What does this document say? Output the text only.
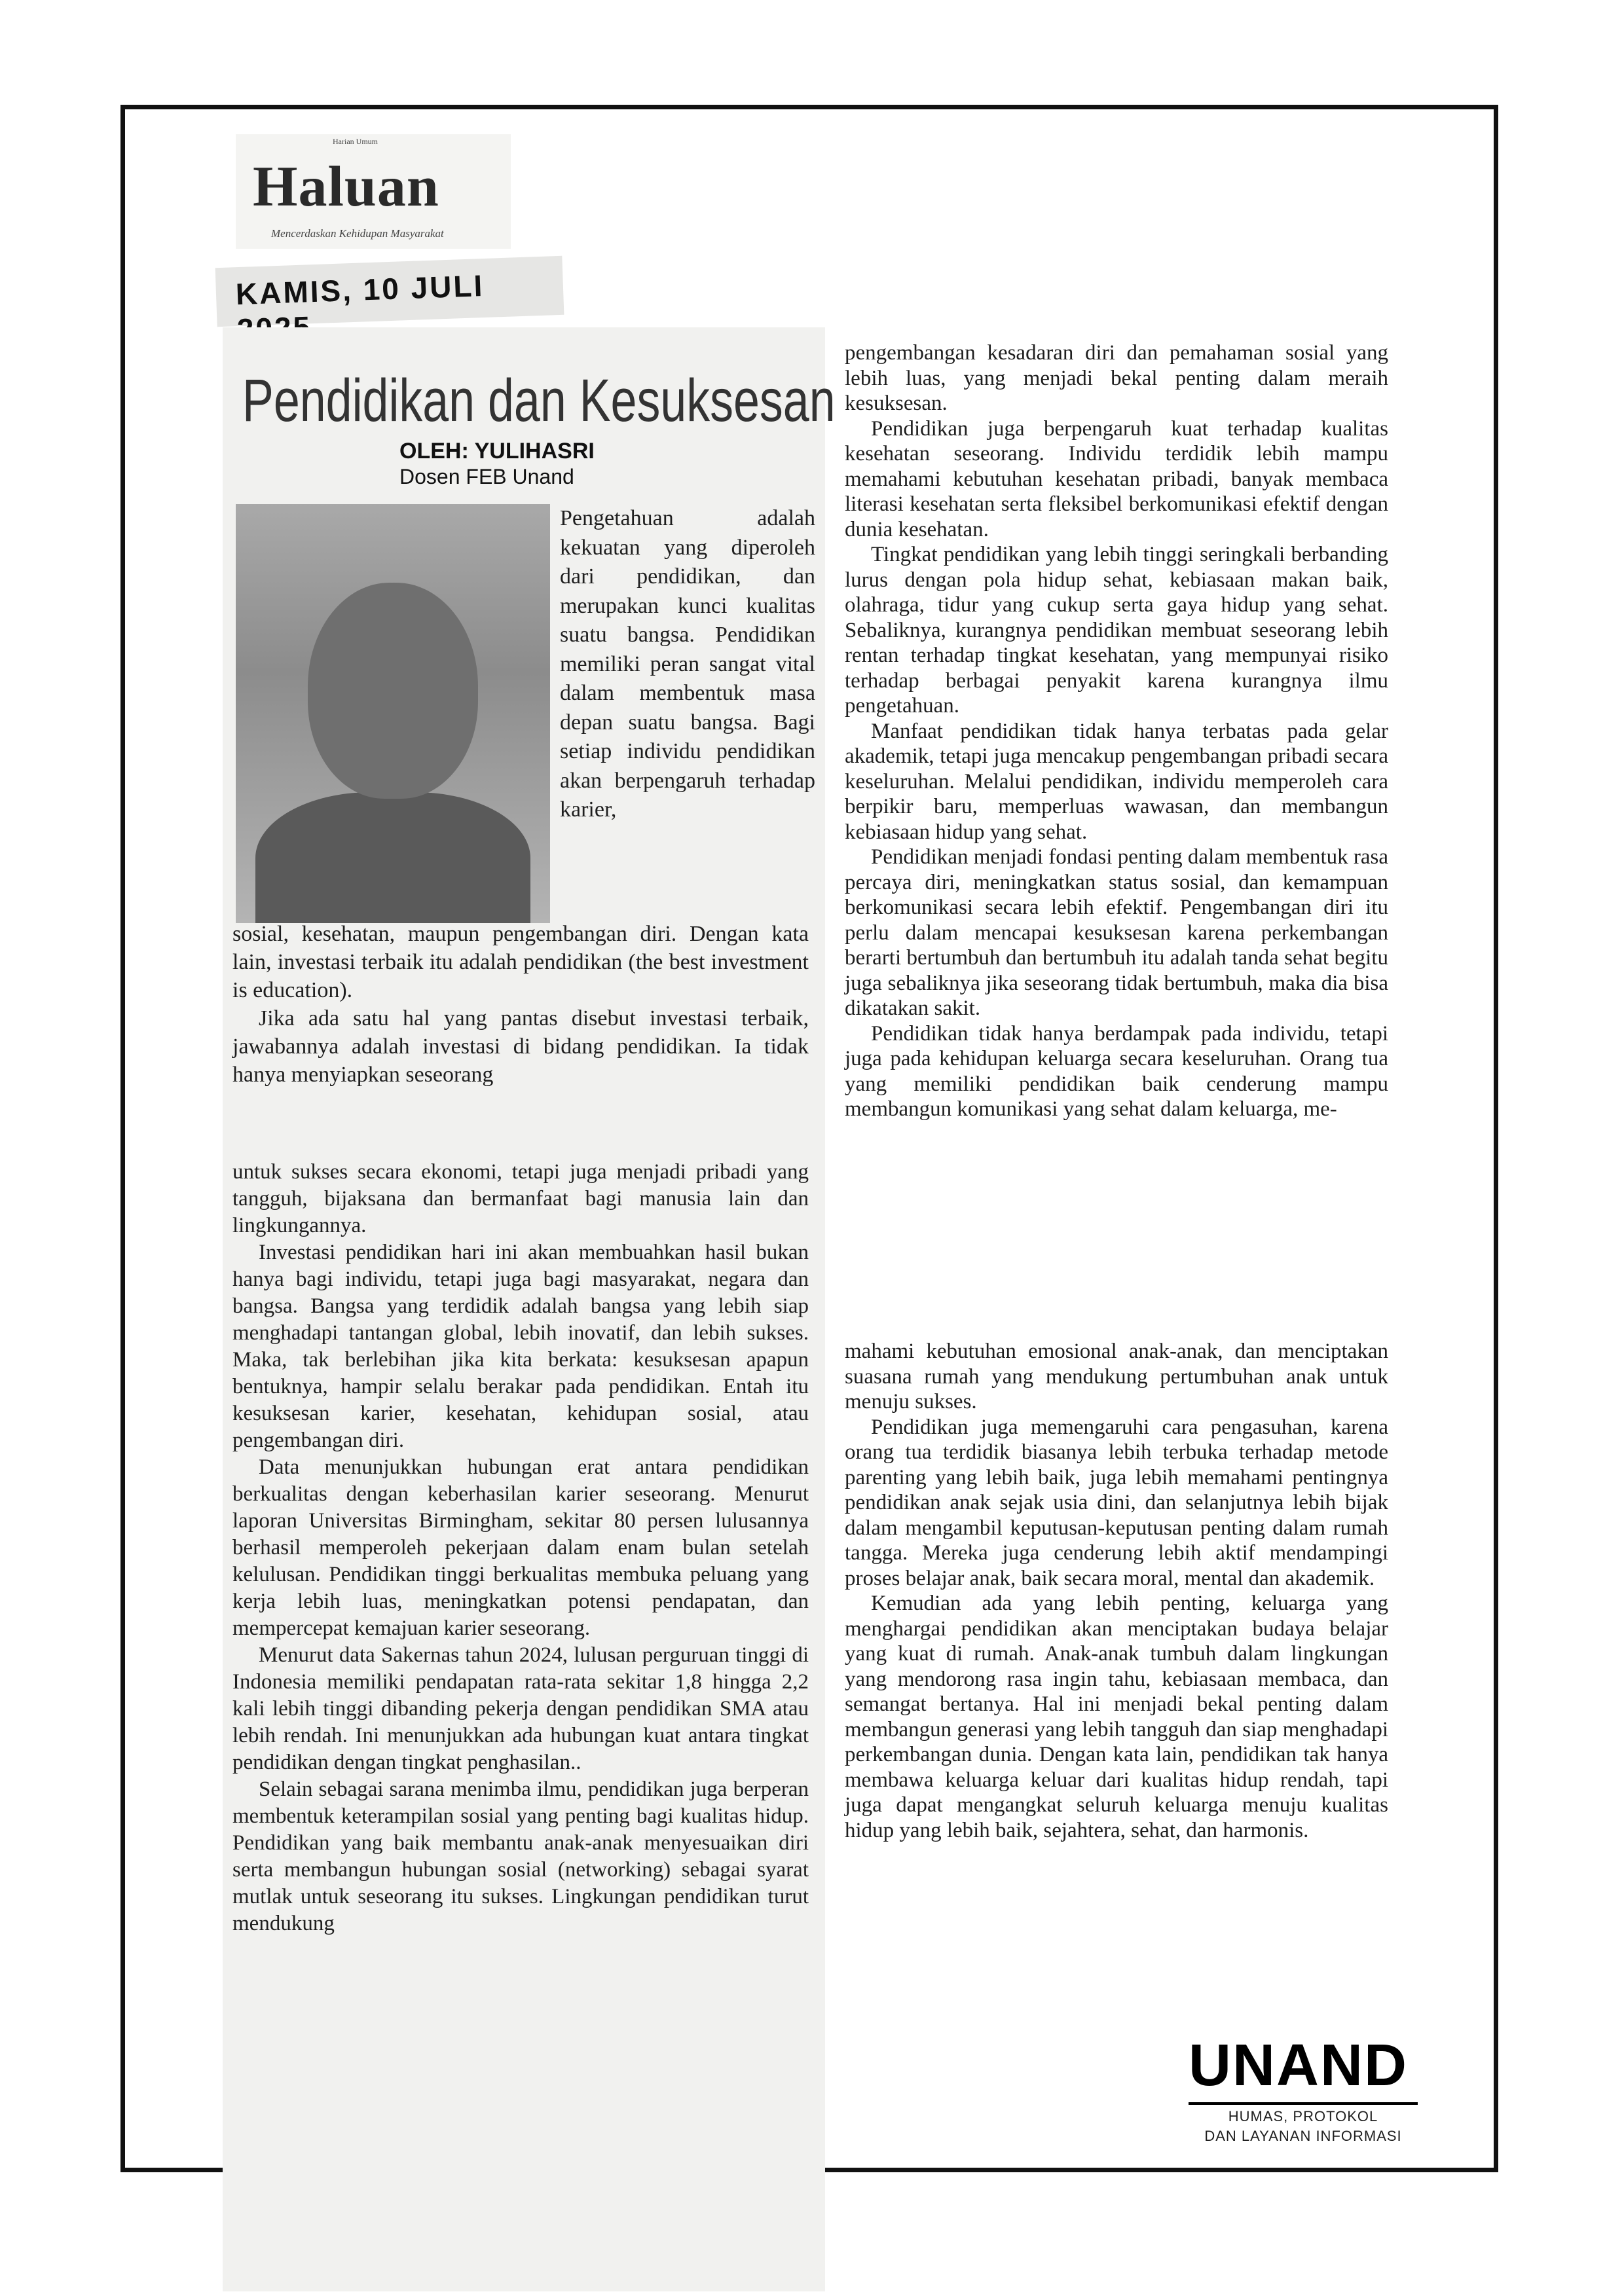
Harian Umum
Haluan
Mencerdaskan Kehidupan Masyarakat
KAMIS, 10 JULI
Pendidikan dan Kesuksesan
OLEH: YULIHASRI
Dosen FEB Unand

Pengetahuan adalah kekuatan yang diperoleh dari pendidikan, dan merupakan kunci kualitas suatu bangsa. Pendidikan memiliki peran sangat vital dalam membentuk masa depan suatu bangsa. Bagi setiap individu pendidikan akan berpengaruh terhadap karier,

sosial, kesehatan, maupun pengembangan diri. Dengan kata lain, investasi terbaik itu adalah pendidikan (the best investment is education).

Jika ada satu hal yang pantas disebut investasi terbaik, jawabannya adalah investasi di bidang pendidikan. Ia tidak hanya menyiapkan seseorang

untuk sukses secara ekonomi, tetapi juga menjadi pribadi yang tangguh, bijaksana dan bermanfaat bagi manusia lain dan lingkungannya.

Investasi pendidikan hari ini akan membuahkan hasil bukan hanya bagi individu, tetapi juga bagi masyarakat, negara dan bangsa. Bangsa yang terdidik adalah bangsa yang lebih siap menghadapi tantangan global, lebih inovatif, dan lebih sukses. Maka, tak berlebihan jika kita berkata: kesuksesan apapun bentuknya, hampir selalu berakar pada pendidikan. Entah itu kesuksesan karier, kesehatan, kehidupan sosial, atau pengembangan diri.

Data menunjukkan hubungan erat antara pendidikan berkualitas dengan keberhasilan karier seseorang. Menurut laporan Universitas Birmingham, sekitar 80 persen lulusannya berhasil memperoleh pekerjaan dalam enam bulan setelah kelulusan. Pendidikan tinggi berkualitas membuka peluang yang kerja lebih luas, meningkatkan potensi pendapatan, dan mempercepat kemajuan karier seseorang.

Menurut data Sakernas tahun 2024, lulusan perguruan tinggi di Indonesia memiliki pendapatan rata-rata sekitar 1,8 hingga 2,2 kali lebih tinggi dibanding pekerja dengan pendidikan SMA atau lebih rendah. Ini menunjukkan ada hubungan kuat antara tingkat pendidikan dengan tingkat penghasilan..

Selain sebagai sarana menimba ilmu, pendidikan juga berperan membentuk keterampilan sosial yang penting bagi kualitas hidup. Pendidikan yang baik membantu anak-anak menyesuaikan diri serta membangun hubungan sosial (networking) sebagai syarat mutlak untuk seseorang itu sukses. Lingkungan pendidikan turut mendukung

pengembangan kesadaran diri dan pemahaman sosial yang lebih luas, yang menjadi bekal penting dalam meraih kesuksesan.

Pendidikan juga berpengaruh kuat terhadap kualitas kesehatan seseorang. Individu terdidik lebih mampu memahami kebutuhan kesehatan pribadi, banyak membaca literasi kesehatan serta fleksibel berkomunikasi efektif dengan dunia kesehatan.

Tingkat pendidikan yang lebih tinggi seringkali berbanding lurus dengan pola hidup sehat, kebiasaan makan baik, olahraga, tidur yang cukup serta gaya hidup yang sehat. Sebaliknya, kurangnya pendidikan membuat seseorang lebih rentan terhadap tingkat kesehatan, yang mempunyai risiko terhadap berbagai penyakit karena kurangnya ilmu pengetahuan.

Manfaat pendidikan tidak hanya terbatas pada gelar akademik, tetapi juga mencakup pengembangan pribadi secara keseluruhan. Melalui pendidikan, individu memperoleh cara berpikir baru, memperluas wawasan, dan membangun kebiasaan hidup yang sehat.

Pendidikan menjadi fondasi penting dalam membentuk rasa percaya diri, meningkatkan status sosial, dan kemampuan berkomunikasi secara lebih efektif. Pengembangan diri itu perlu dalam mencapai kesuksesan karena perkembangan berarti bertumbuh dan bertumbuh itu adalah tanda sehat begitu juga sebaliknya jika seseorang tidak bertumbuh, maka dia bisa dikatakan sakit.

Pendidikan tidak hanya berdampak pada individu, tetapi juga pada kehidupan keluarga secara keseluruhan. Orang tua yang memiliki pendidikan baik cenderung mampu membangun komunikasi yang sehat dalam keluarga, me-

mahami kebutuhan emosional anak-anak, dan menciptakan suasana rumah yang mendukung pertumbuhan anak untuk menuju sukses.

Pendidikan juga memengaruhi cara pengasuhan, karena orang tua terdidik biasanya lebih terbuka terhadap metode parenting yang lebih baik, juga lebih memahami pentingnya pendidikan anak sejak usia dini, dan selanjutnya lebih bijak dalam mengambil keputusan-keputusan penting dalam rumah tangga. Mereka juga cenderung lebih aktif mendampingi proses belajar anak, baik secara moral, mental dan akademik.

Kemudian ada yang lebih penting, keluarga yang menghargai pendidikan akan menciptakan budaya belajar yang kuat di rumah. Anak-anak tumbuh dalam lingkungan yang mendorong rasa ingin tahu, kebiasaan membaca, dan semangat bertanya. Hal ini menjadi bekal penting dalam membangun generasi yang lebih tangguh dan siap menghadapi perkembangan dunia. Dengan kata lain, pendidikan tak hanya membawa keluarga keluar dari kualitas hidup rendah, tapi juga dapat mengangkat seluruh keluarga menuju kualitas hidup yang lebih baik, sejahtera, sehat, dan harmonis.

UNAND
HUMAS, PROTOKOL
DAN LAYANAN INFORMASI
